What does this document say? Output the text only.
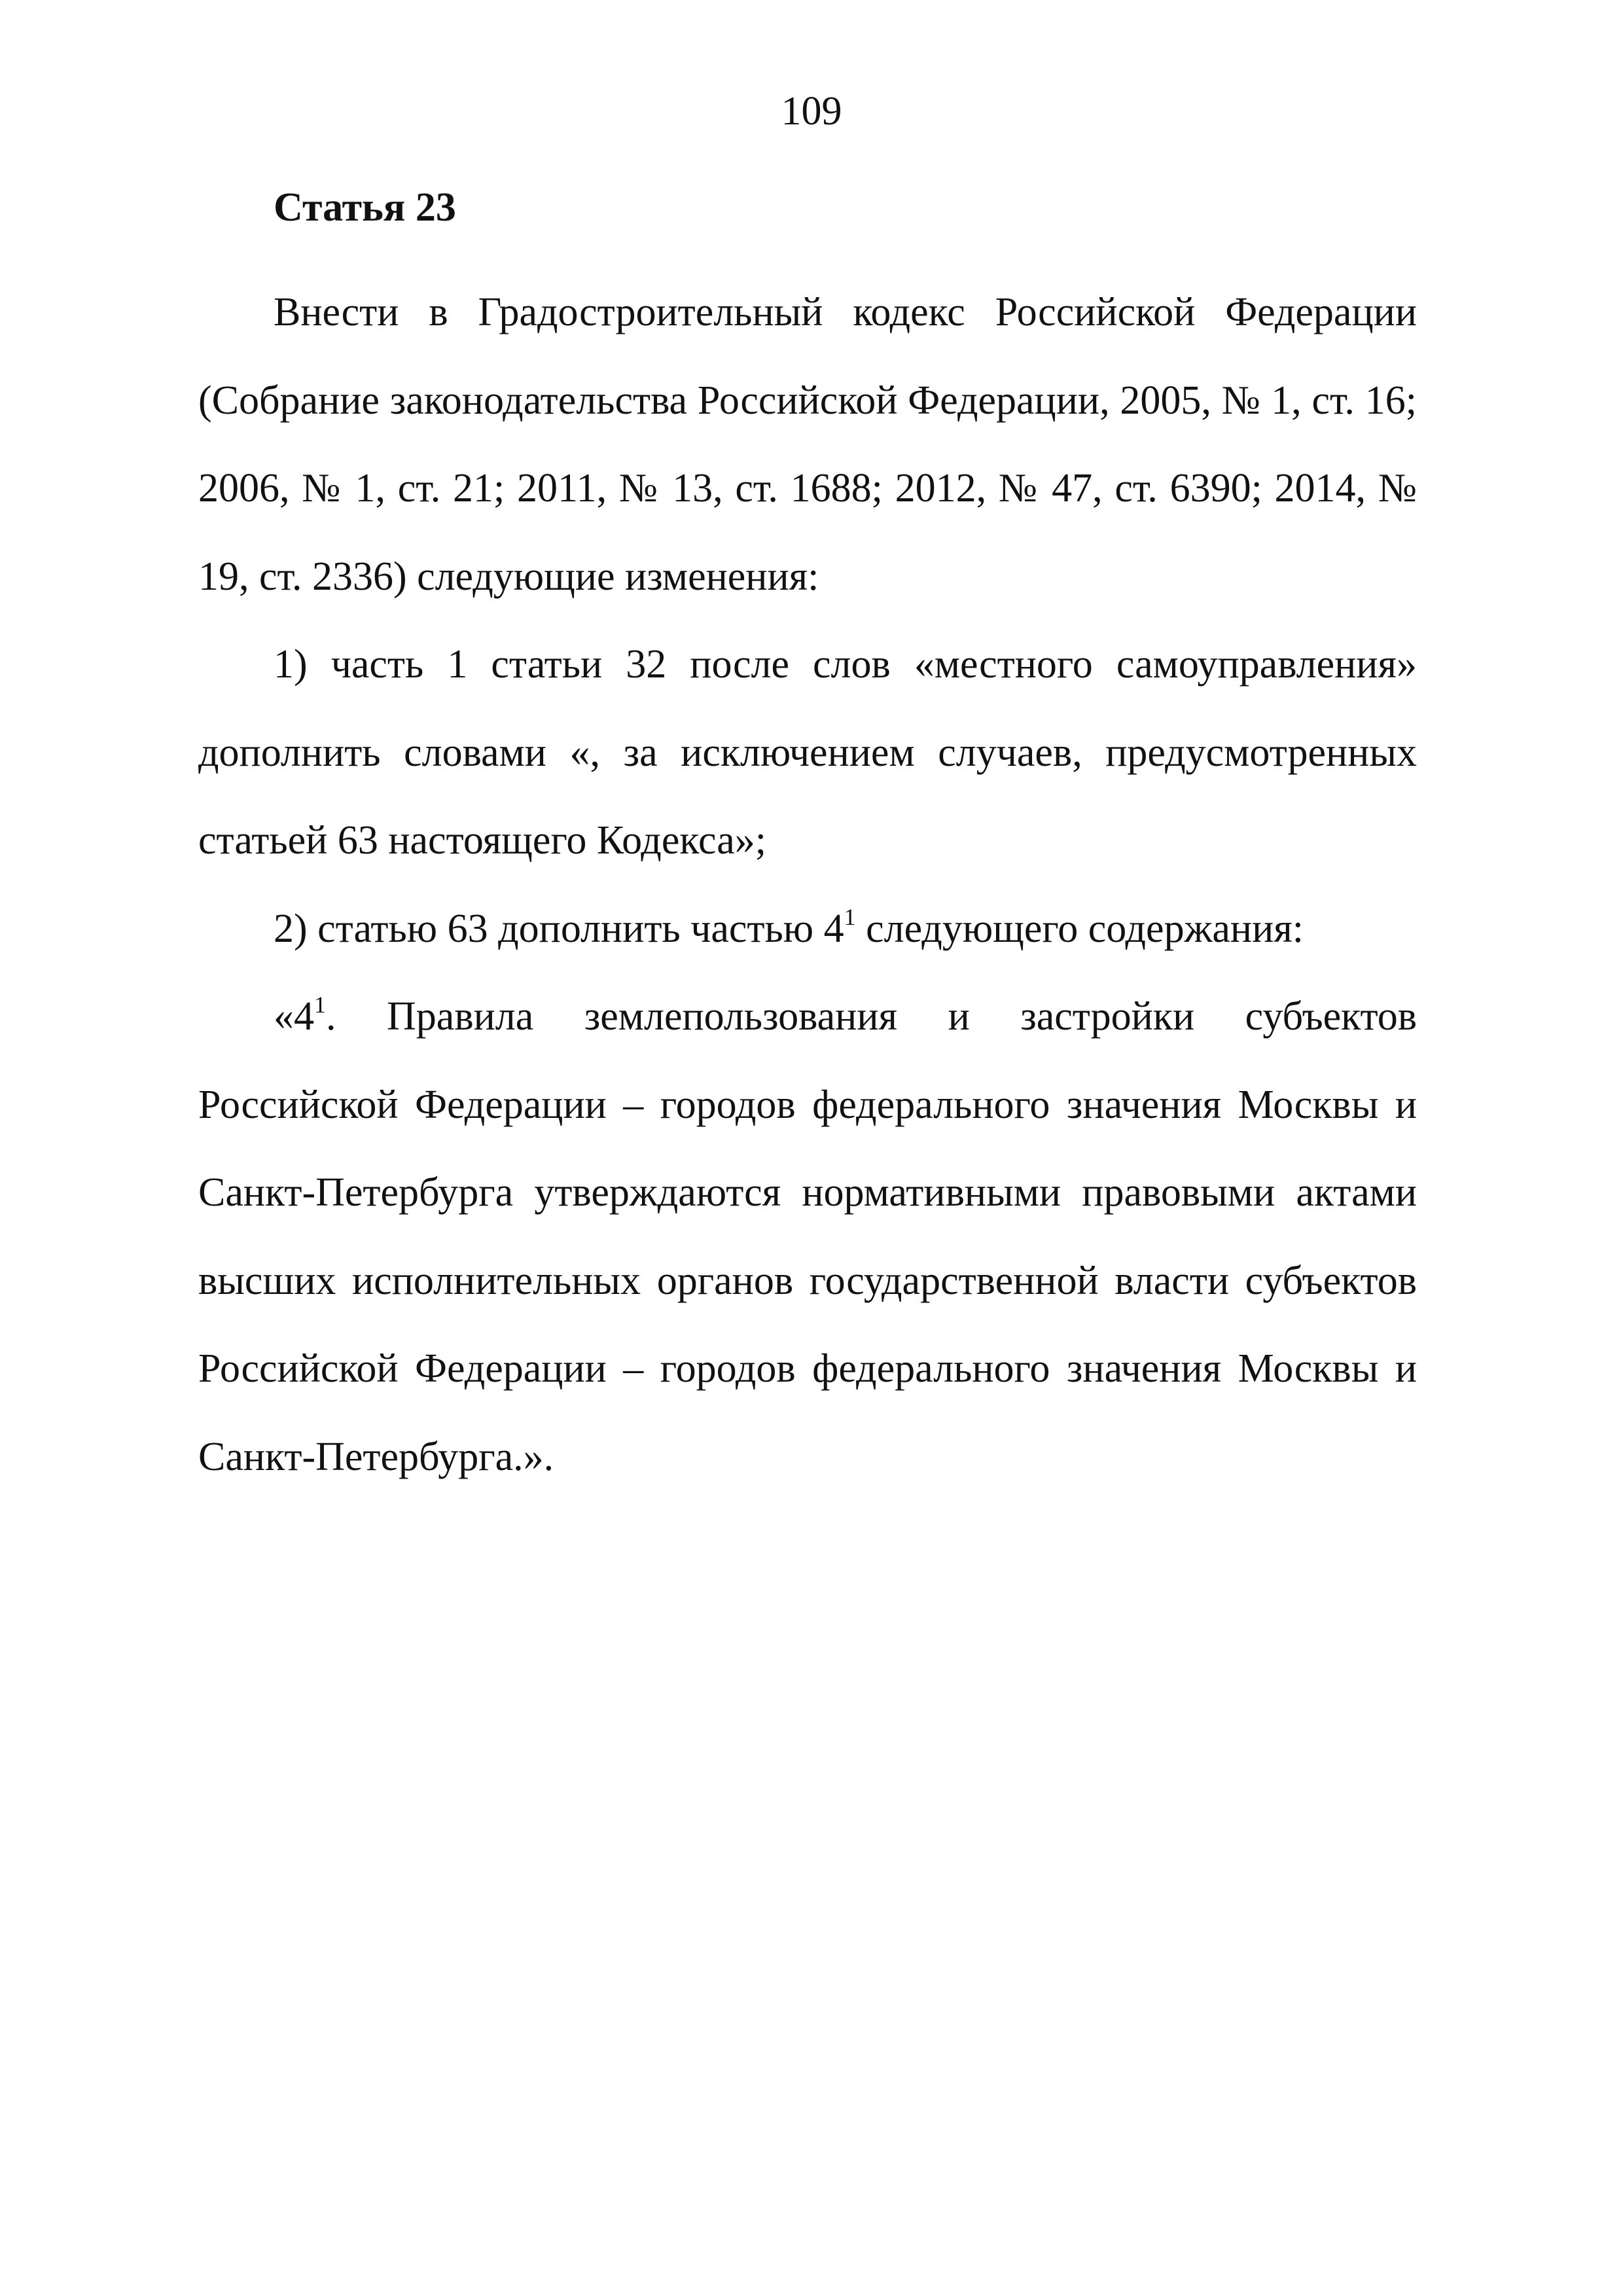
109
Статья 23

Внести в Градостроительный кодекс Российской Федерации (Собрание законодательства Российской Федерации, 2005, № 1, ст. 16; 2006, № 1, ст. 21; 2011, № 13, ст. 1688; 2012, № 47, ст. 6390; 2014, № 19, ст. 2336) следующие изменения:

1) часть 1 статьи 32 после слов «местного самоуправления» дополнить словами «, за исключением случаев, предусмотренных статьей 63 настоящего Кодекса»;

2) статью 63 дополнить частью $4^1$ следующего содержания:

«$4^1$. Правила землепользования и застройки субъектов Российской Федерации – городов федерального значения Москвы и Санкт-Петербурга утверждаются нормативными правовыми актами высших исполнительных органов государственной власти субъектов Российской Федерации – городов федерального значения Москвы и Санкт-Петербурга.».
